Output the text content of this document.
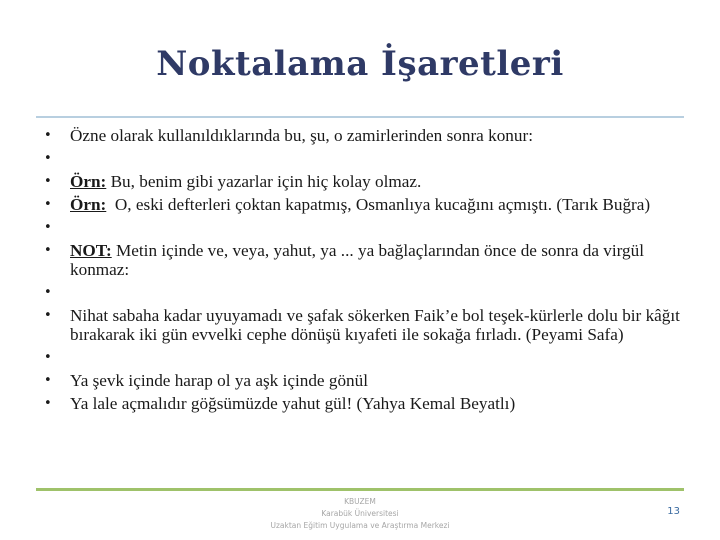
Noktalama İşaretleri
•	Özne olarak kullanıldıklarında bu, şu, o zamirlerinden sonra konur:
•
•	Örn: Bu, benim gibi yazarlar için hiç kolay olmaz.
•	Örn:  O, eski defterleri çoktan kapatmış, Osmanlıya kucağını açmıştı. (Tarık Buğra)
•
•	NOT: Metin içinde ve, veya, yahut, ya ... ya bağlaçlarından önce de sonra da virgül konmaz:
•
•	Nihat sabaha kadar uyuyamadı ve şafak sökerken Faik’e bol teşek-kürlerle dolu bir kâğıt bırakarak iki gün evvelki cephe dönüşü kıyafeti ile sokağa fırladı. (Peyami Safa)
•
•	Ya şevk içinde harap ol ya aşk içinde gönül
•	Ya lale açmalıdır göğsümüzde yahut gül! (Yahya Kemal Beyatlı)
KBUZEM
Karabük Üniversitesi
Uzaktan Eğitim Uygulama ve Araştırma Merkezi
13
